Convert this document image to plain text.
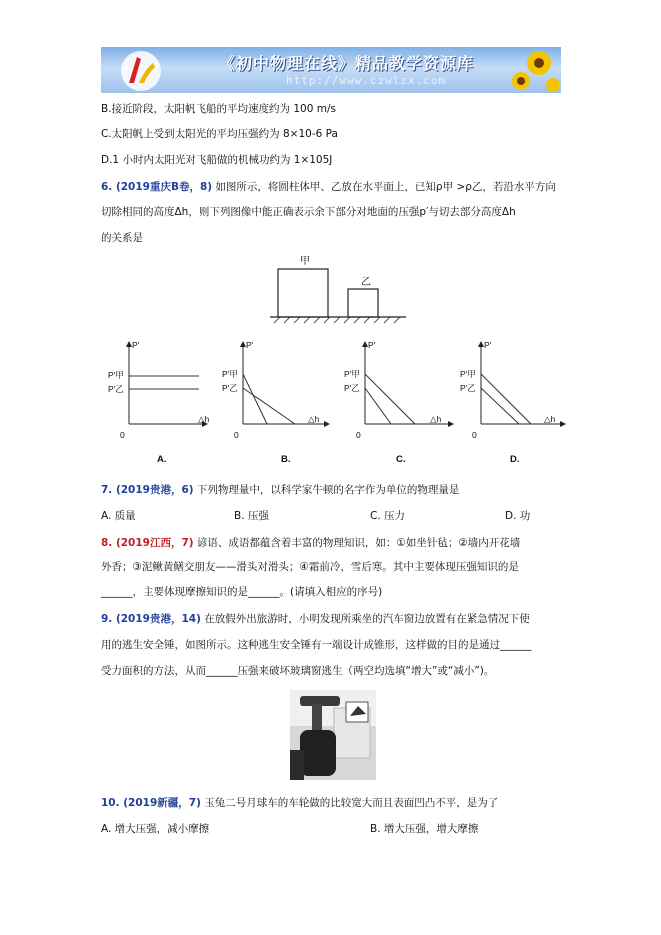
《初中物理在线》精品教学资源库
http://www.czwlzx.com
B.接近阶段，太阳帆飞船的平均速度约为 100 m/s
C.太阳帆上受到太阳光的平均压强约为 8×10-6 Pa
D.1 小时内太阳光对飞船做的机械功约为 1×105J
6. (2019重庆B卷，8) 如图所示，将圆柱体甲、乙放在水平面上，已知ρ甲 >ρ乙，若沿水平方向
切除相同的高度Δh，则下列图像中能正确表示余下部分对地面的压强p′与切去部分高度Δh
的关系是
甲
乙
P′
P′甲
P′乙
0
△h
A.
P′
P′甲
P′乙
0
△h
B.
P′
P′甲
P′乙
0
△h
C.
P′
P′甲
P′乙
0
△h
D.
7. (2019贵港，6) 下列物理量中，以科学家牛顿的名字作为单位的物理量是
A. 质量	B. 压强	C. 压力	D. 功
8. (2019江西，7) 谚语、成语都蕴含着丰富的物理知识，如：①如坐针毡；②墙内开花墙
外香；③泥鳅黄鳝交朋友——滑头对滑头；④霜前冷，雪后寒。其中主要体现压强知识的是
______，主要体现摩擦知识的是______。(请填入相应的序号)
9. (2019贵港，14) 在放假外出旅游时，小明发现所乘坐的汽车窗边放置有在紧急情况下使
用的逃生安全锤，如图所示。这种逃生安全锤有一端设计成锥形，这样做的目的是通过______
受力面积的方法，从而______压强来破坏玻璃窗逃生（两空均选填“增大”或“减小”)。
10. (2019新疆，7) 玉兔二号月球车的车轮做的比较宽大而且表面凹凸不平，是为了
A. 增大压强，减小摩擦	B. 增大压强，增大摩擦
